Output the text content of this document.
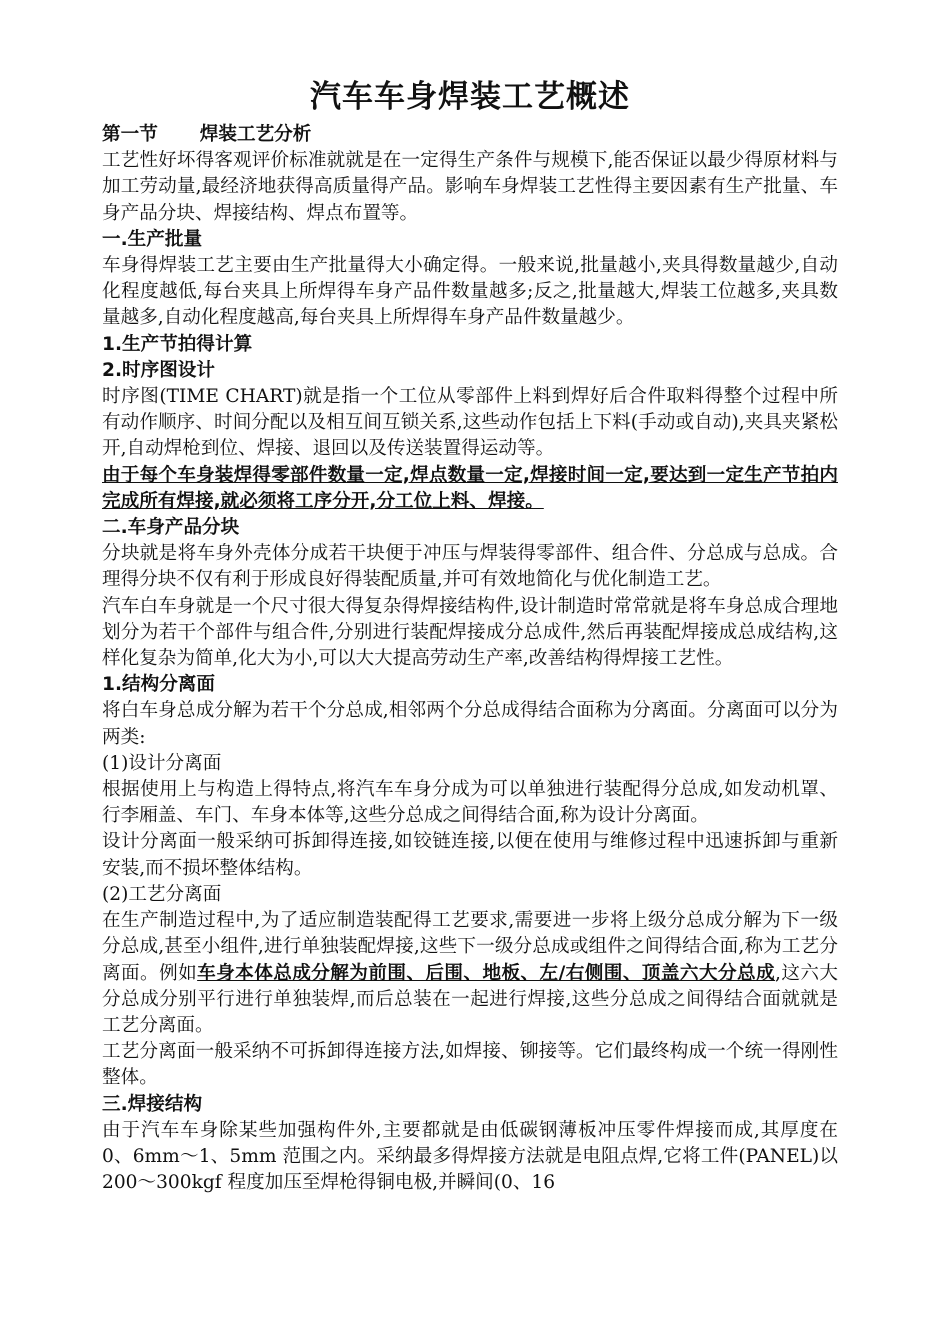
汽车车身焊装工艺概述
第一节 焊装工艺分析

工艺性好坏得客观评价标准就就是在一定得生产条件与规模下,能否保证以最少得原材料与加工劳动量,最经济地获得高质量得产品。影响车身焊装工艺性得主要因素有生产批量、车身产品分块、焊接结构、焊点布置等。

一.生产批量

车身得焊装工艺主要由生产批量得大小确定得。一般来说,批量越小,夹具得数量越少,自动化程度越低,每台夹具上所焊得车身产品件数量越多;反之,批量越大,焊装工位越多,夹具数量越多,自动化程度越高,每台夹具上所焊得车身产品件数量越少。

1.生产节拍得计算
2.时序图设计

时序图(TIME CHART)就是指一个工位从零部件上料到焊好后合件取料得整个过程中所有动作顺序、时间分配以及相互间互锁关系,这些动作包括上下料(手动或自动),夹具夹紧松开,自动焊枪到位、焊接、退回以及传送装置得运动等。

由于每个车身装焊得零部件数量一定,焊点数量一定,焊接时间一定,要达到一定生产节拍内完成所有焊接,就必须将工序分开,分工位上料、焊接。

二.车身产品分块

分块就是将车身外壳体分成若干块便于冲压与焊装得零部件、组合件、分总成与总成。合理得分块不仅有利于形成良好得装配质量,并可有效地简化与优化制造工艺。

汽车白车身就是一个尺寸很大得复杂得焊接结构件,设计制造时常常就是将车身总成合理地划分为若干个部件与组合件,分别进行装配焊接成分总成件,然后再装配焊接成总成结构,这样化复杂为简单,化大为小,可以大大提高劳动生产率,改善结构得焊接工艺性。

1.结构分离面

将白车身总成分解为若干个分总成,相邻两个分总成得结合面称为分离面。分离面可以分为两类:

(1)设计分离面

根据使用上与构造上得特点,将汽车车身分成为可以单独进行装配得分总成,如发动机罩、行李厢盖、车门、车身本体等,这些分总成之间得结合面,称为设计分离面。

设计分离面一般采纳可拆卸得连接,如铰链连接,以便在使用与维修过程中迅速拆卸与重新安装,而不损坏整体结构。

(2)工艺分离面

在生产制造过程中,为了适应制造装配得工艺要求,需要进一步将上级分总成分解为下一级分总成,甚至小组件,进行单独装配焊接,这些下一级分总成或组件之间得结合面,称为工艺分离面。例如车身本体总成分解为前围、后围、地板、左/右侧围、顶盖六大分总成,这六大分总成分别平行进行单独装焊,而后总装在一起进行焊接,这些分总成之间得结合面就就是工艺分离面。

工艺分离面一般采纳不可拆卸得连接方法,如焊接、铆接等。它们最终构成一个统一得刚性整体。

三.焊接结构

由于汽车车身除某些加强构件外,主要都就是由低碳钢薄板冲压零件焊接而成,其厚度在 0、6mm～1、5mm 范围之内。采纳最多得焊接方法就是电阻点焊,它将工件(PANEL)以 200～300kgf 程度加压至焊枪得铜电极,并瞬间(0、16
